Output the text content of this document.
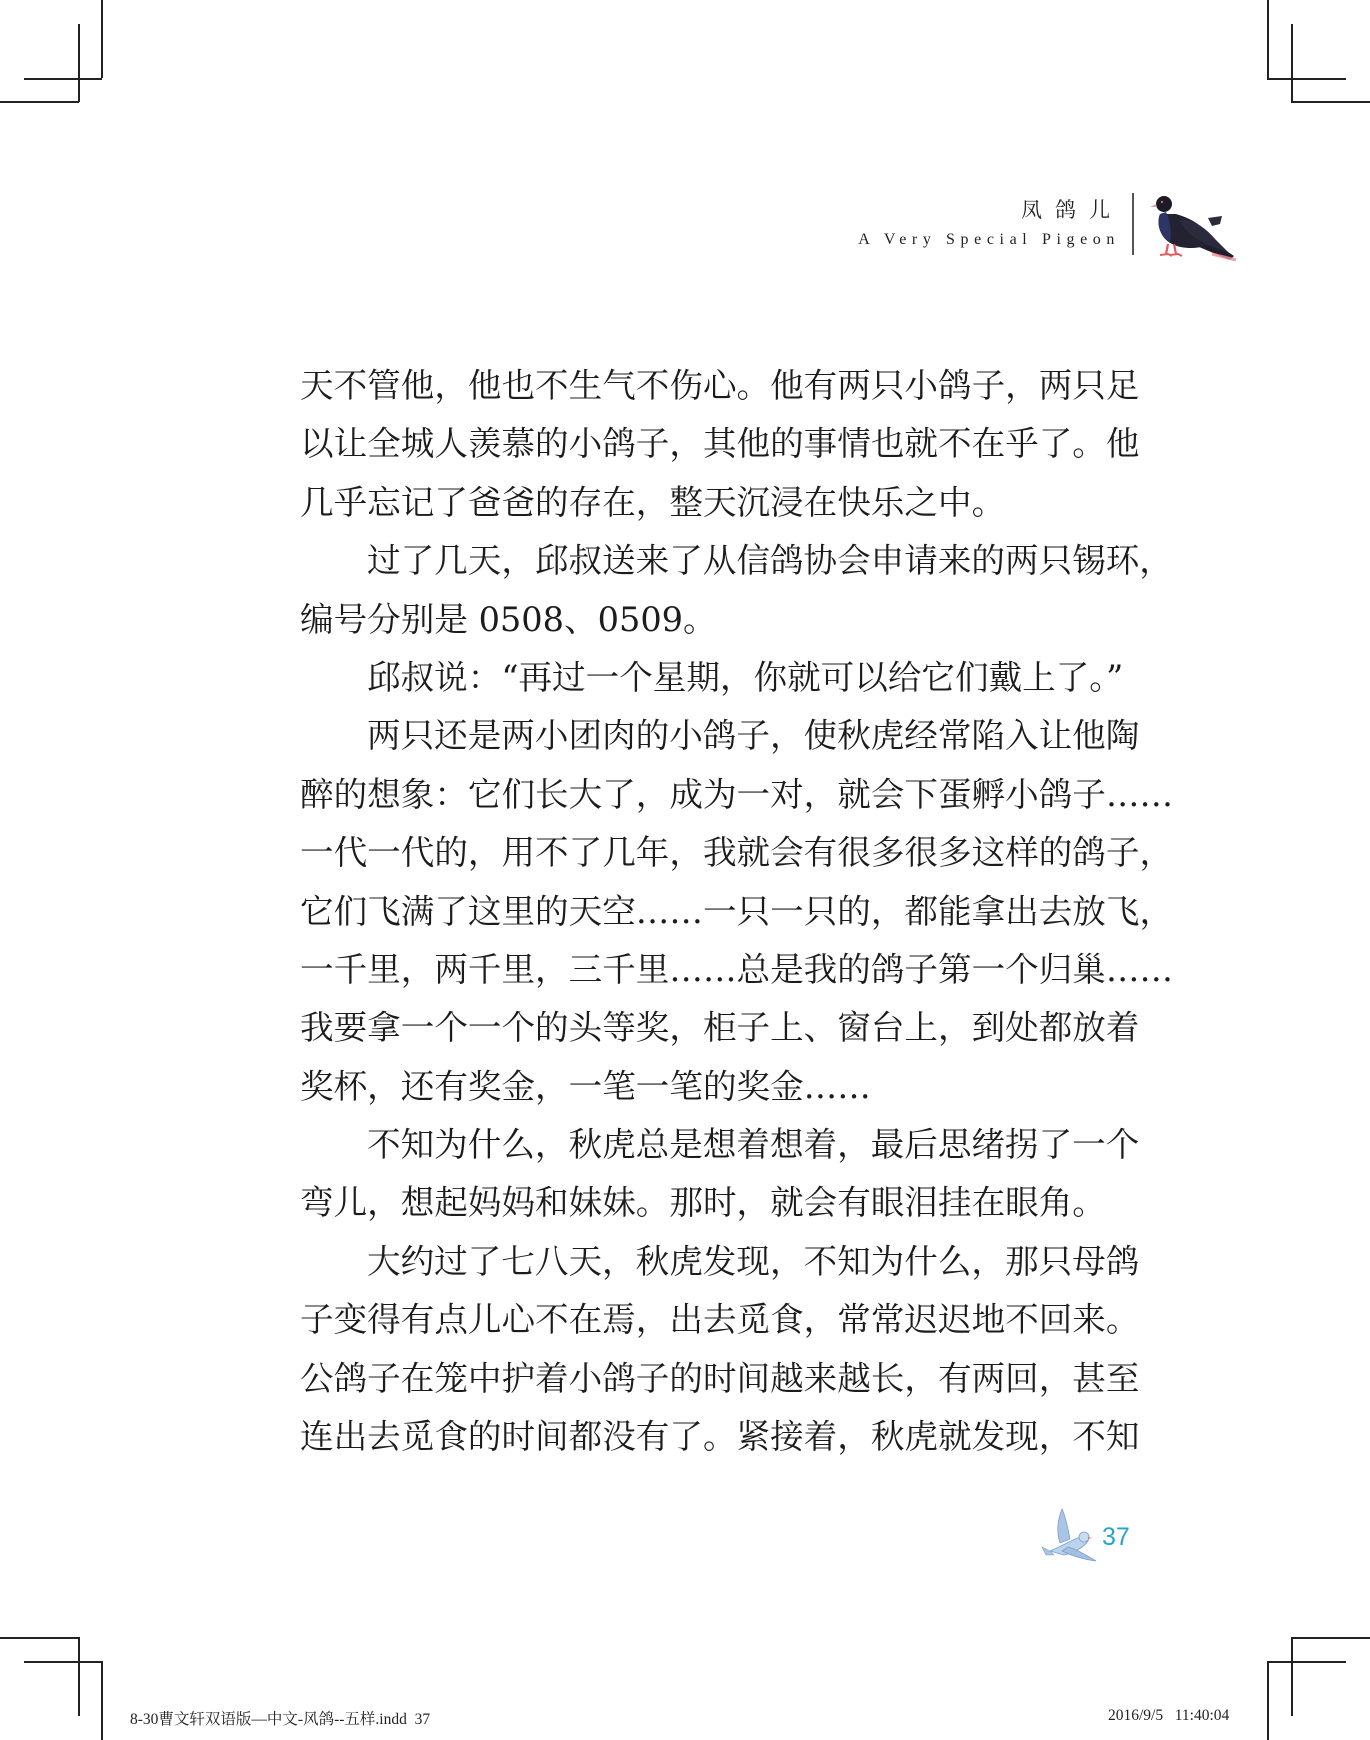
凤鸽儿
A Very Special Pigeon
天不管他，他也不生气不伤心。他有两只小鸽子，两只足
以让全城人羡慕的小鸽子，其他的事情也就不在乎了。他
几乎忘记了爸爸的存在，整天沉浸在快乐之中。
过了几天，邱叔送来了从信鸽协会申请来的两只锡环，
编号分别是 0508、0509。
邱叔说：“再过一个星期，你就可以给它们戴上了。”
两只还是两小团肉的小鸽子，使秋虎经常陷入让他陶
醉的想象：它们长大了，成为一对，就会下蛋孵小鸽子……
一代一代的，用不了几年，我就会有很多很多这样的鸽子，
它们飞满了这里的天空……一只一只的，都能拿出去放飞，
一千里，两千里，三千里……总是我的鸽子第一个归巢……
我要拿一个一个的头等奖，柜子上、窗台上，到处都放着
奖杯，还有奖金，一笔一笔的奖金……
不知为什么，秋虎总是想着想着，最后思绪拐了一个
弯儿，想起妈妈和妹妹。那时，就会有眼泪挂在眼角。
大约过了七八天，秋虎发现，不知为什么，那只母鸽
子变得有点儿心不在焉，出去觅食，常常迟迟地不回来。
公鸽子在笼中护着小鸽子的时间越来越长，有两回，甚至
连出去觅食的时间都没有了。紧接着，秋虎就发现，不知
37
8-30曹文轩双语版—中文-风鸽--五样.indd  37	2016/9/5   11:40:04
